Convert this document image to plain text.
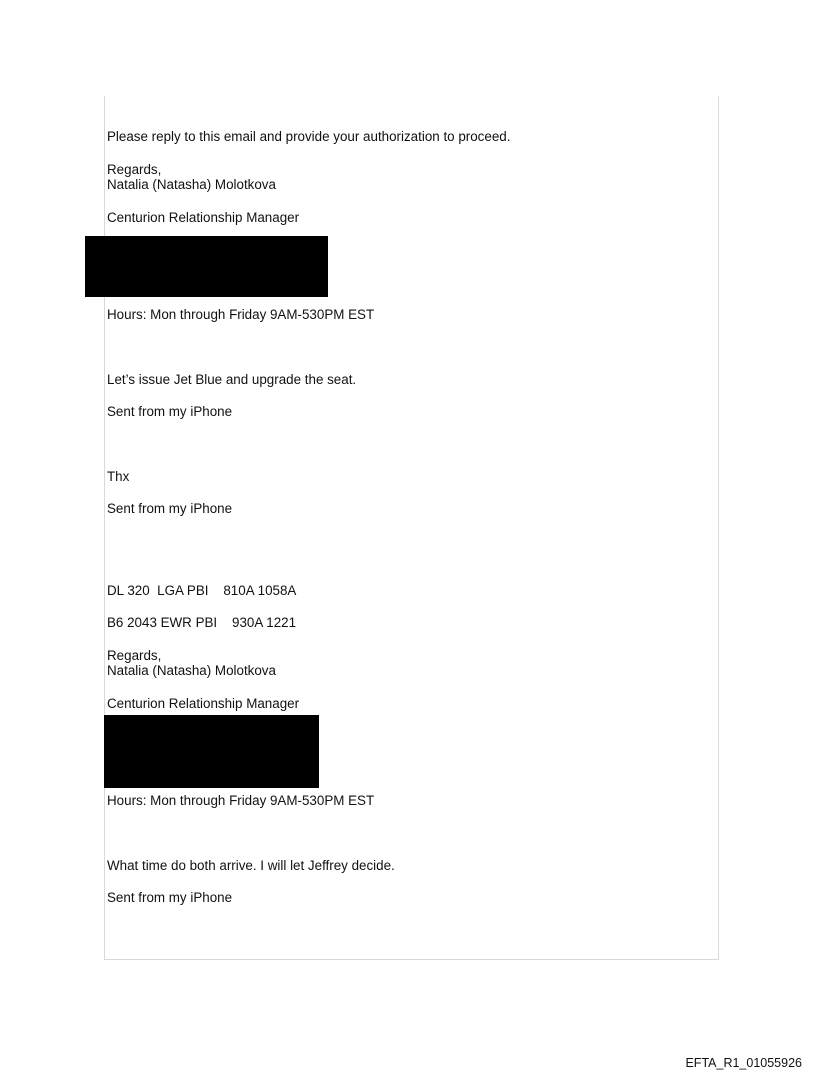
Please reply to this email and provide your authorization to proceed.
Regards,
Natalia (Natasha) Molotkova
Centurion Relationship Manager
Hours: Mon through Friday 9AM-530PM EST
Let’s issue Jet Blue and upgrade the seat.
Sent from my iPhone
Thx
Sent from my iPhone
DL 320  LGA PBI    810A 1058A
B6 2043 EWR PBI    930A 1221
Regards,
Natalia (Natasha) Molotkova
Centurion Relationship Manager
Hours: Mon through Friday 9AM-530PM EST
What time do both arrive. I will let Jeffrey decide.
Sent from my iPhone
EFTA_R1_01055926
